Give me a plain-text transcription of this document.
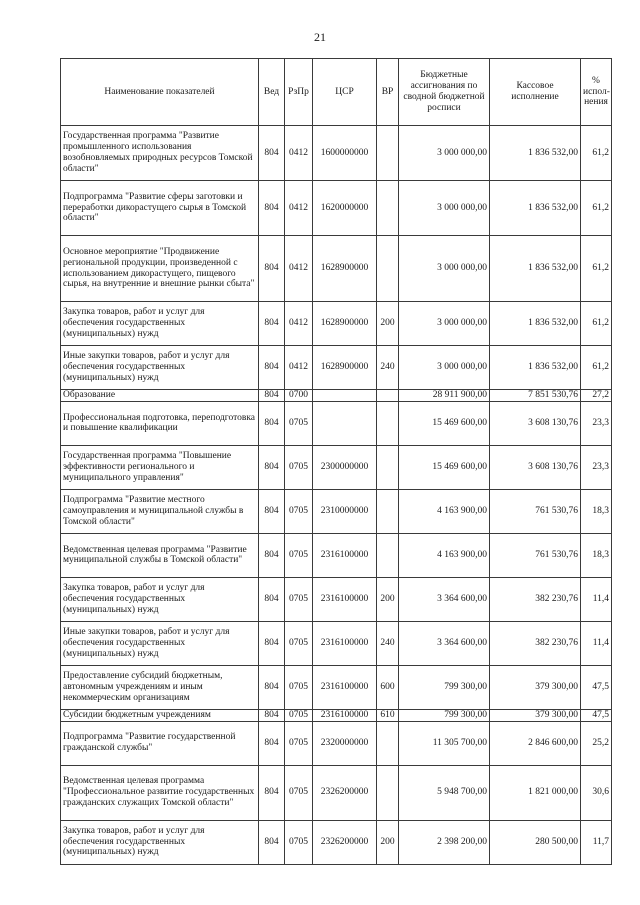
21
Наименование показателей	Вед	РзПр	ЦСР	ВР	Бюджетные ассигнования по сводной бюджетной росписи	Кассовое исполнение	% испол-нения
Государственная программа "Развитие промышленного использования возобновляемых природных ресурсов Томской области"	804	0412	1600000000		3 000 000,00	1 836 532,00	61,2
Подпрограмма "Развитие сферы заготовки и переработки дикорастущего сырья в Томской области"	804	0412	1620000000		3 000 000,00	1 836 532,00	61,2
Основное мероприятие "Продвижение региональной продукции, произведенной с использованием дикорастущего, пищевого сырья, на внутренние и внешние рынки сбыта"	804	0412	1628900000		3 000 000,00	1 836 532,00	61,2
Закупка товаров, работ и услуг для обеспечения государственных (муниципальных) нужд	804	0412	1628900000	200	3 000 000,00	1 836 532,00	61,2
Иные закупки товаров, работ и услуг для обеспечения государственных (муниципальных) нужд	804	0412	1628900000	240	3 000 000,00	1 836 532,00	61,2
Образование	804	0700			28 911 900,00	7 851 530,76	27,2
Профессиональная подготовка, переподготовка и повышение квалификации	804	0705			15 469 600,00	3 608 130,76	23,3
Государственная программа "Повышение эффективности регионального и муниципального управления"	804	0705	2300000000		15 469 600,00	3 608 130,76	23,3
Подпрограмма "Развитие местного самоуправления и муниципальной службы в Томской области"	804	0705	2310000000		4 163 900,00	761 530,76	18,3
Ведомственная целевая программа "Развитие муниципальной службы в Томской области"	804	0705	2316100000		4 163 900,00	761 530,76	18,3
Закупка товаров, работ и услуг для обеспечения государственных (муниципальных) нужд	804	0705	2316100000	200	3 364 600,00	382 230,76	11,4
Иные закупки товаров, работ и услуг для обеспечения государственных (муниципальных) нужд	804	0705	2316100000	240	3 364 600,00	382 230,76	11,4
Предоставление субсидий бюджетным, автономным учреждениям и иным некоммерческим организациям	804	0705	2316100000	600	799 300,00	379 300,00	47,5
Субсидии бюджетным учреждениям	804	0705	2316100000	610	799 300,00	379 300,00	47,5
Подпрограмма "Развитие государственной гражданской службы"	804	0705	2320000000		11 305 700,00	2 846 600,00	25,2
Ведомственная целевая программа "Профессиональное развитие государственных гражданских служащих Томской области"	804	0705	2326200000		5 948 700,00	1 821 000,00	30,6
Закупка товаров, работ и услуг для обеспечения государственных (муниципальных) нужд	804	0705	2326200000	200	2 398 200,00	280 500,00	11,7
